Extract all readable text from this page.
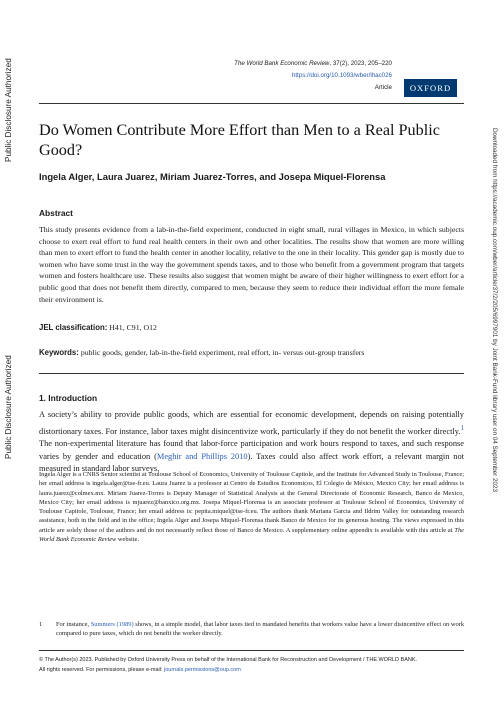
Public Disclosure Authorized
Public Disclosure Authorized	Downloaded from https://academic.oup.com/wber/article/37/2/205/6997901 by Joint Bank-Fund library user on 04 September 2023
The World Bank Economic Review, 37(2), 2023, 205–220
https://doi.org/10.1093/wber/lhac026
Article	OXFORD
Do Women Contribute More Effort than Men to a Real Public Good?
Ingela Alger, Laura Juarez, Miriam Juarez-Torres, and Josepa Miquel-Florensa
Abstract
This study presents evidence from a lab-in-the-field experiment, conducted in eight small, rural villages in Mexico, in which subjects choose to exert real effort to fund real health centers in their own and other localities. The results show that women are more willing than men to exert effort to fund the health center in another locality, relative to the one in their locality. This gender gap is mostly due to women who have some trust in the way the government spends taxes, and to those who benefit from a government program that targets women and fosters healthcare use. These results also suggest that women might be aware of their higher willingness to exert effort for a public good that does not benefit them directly, compared to men, because they seem to reduce their individual effort the more female their environment is.
JEL classification: H41, C91, O12
Keywords: public goods, gender, lab-in-the-field experiment, real effort, in- versus out-group transfers
1. Introduction
A society’s ability to provide public goods, which are essential for economic development, depends on raising potentially distortionary taxes. For instance, labor taxes might disincentivize work, particularly if they do not benefit the worker directly.$^1$ The non-experimental literature has found that labor-force participation and work hours respond to taxes, and such response varies by gender and education (Meghir and Phillips 2010). Taxes could also affect work effort, a relevant margin not measured in standard labor surveys.
Ingela Alger is a CNRS Senior scientist at Toulouse School of Economics, University of Toulouse Capitole, and the Institute for Advanced Study in Toulouse, France; her email address is ingela.alger@tse-fr.eu. Laura Juarez is a professor at Centro de Estudios Economicos, El Colegio de México, Mexico City; her email address is laura.juarez@colmex.mx. Miriam Juarez-Torres is Deputy Manager of Statistical Analysis at the General Directorate of Economic Research, Banco de Mexico, Mexico City; her email address is mjuarez@banxico.org.mx. Josepa Miquel-Florensa is an associate professor at Toulouse School of Economics, University of Toulouse Capitole, Toulouse, France; her email address is: pepita.miquel@tse-fr.eu. The authors thank Mariana Garcia and Ildrim Valley for outstanding research assistance, both in the field and in the office; Ingela Alger and Josepa Miquel-Florensa thank Banco de Mexico for its generous hosting. The views expressed in this article are solely those of the authors and do not necessarily reflect those of Banco de Mexico. A supplementary online appendix is available with this article at The World Bank Economic Review website.
1 For instance, Summers (1989) shows, in a simple model, that labor taxes tied to mandated benefits that workers value have a lower disincentive effect on work compared to pure taxes, which do not benefit the worker directly.
© The Author(s) 2023. Published by Oxford University Press on behalf of the International Bank for Reconstruction and Development / THE WORLD BANK.
All rights reserved. For permissions, please e-mail: journals.permissions@oup.com
